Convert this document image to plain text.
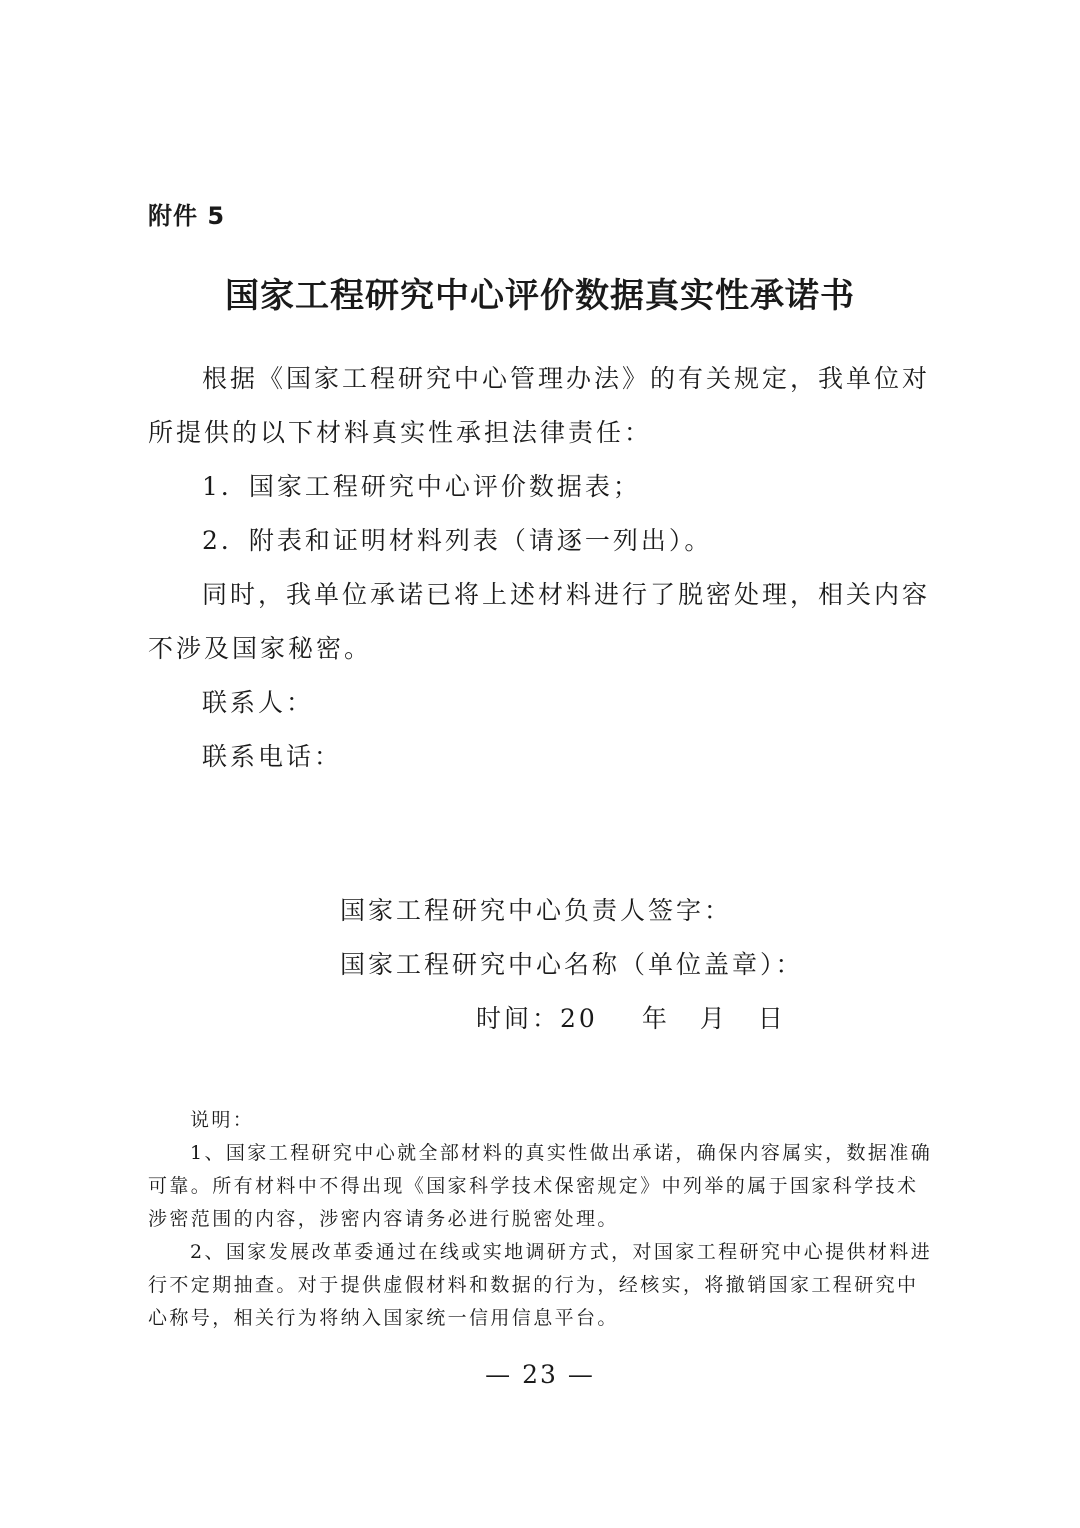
附件 5
国家工程研究中心评价数据真实性承诺书

根据《国家工程研究中心管理办法》的有关规定，我单位对所提供的以下材料真实性承担法律责任：

1．国家工程研究中心评价数据表；

2．附表和证明材料列表（请逐一列出）。

同时，我单位承诺已将上述材料进行了脱密处理，相关内容不涉及国家秘密。

联系人：

联系电话：

国家工程研究中心负责人签字：
国家工程研究中心名称（单位盖章）：
时间：20 年 月 日

说明：

1、国家工程研究中心就全部材料的真实性做出承诺，确保内容属实，数据准确可靠。所有材料中不得出现《国家科学技术保密规定》中列举的属于国家科学技术涉密范围的内容，涉密内容请务必进行脱密处理。

2、国家发展改革委通过在线或实地调研方式，对国家工程研究中心提供材料进行不定期抽查。对于提供虚假材料和数据的行为，经核实，将撤销国家工程研究中心称号，相关行为将纳入国家统一信用信息平台。

— 23 —
